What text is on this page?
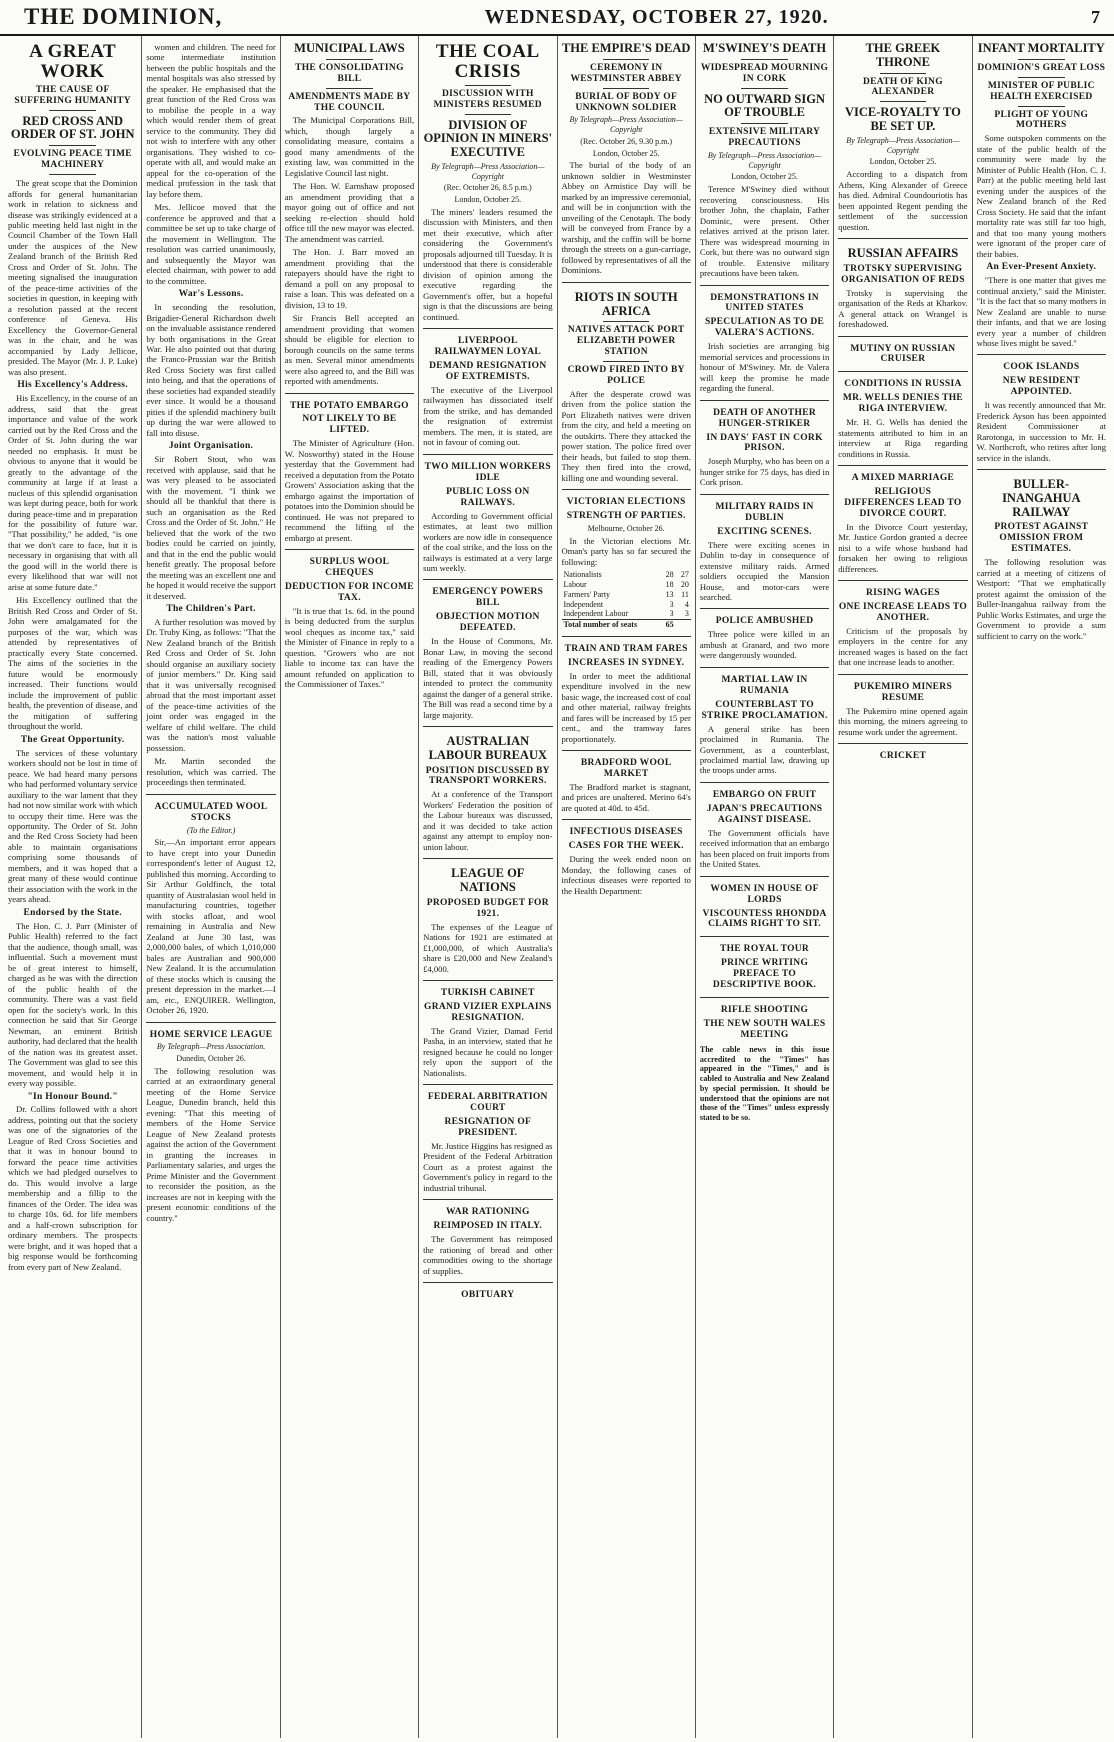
THE DOMINION,	WEDNESDAY, OCTOBER 27, 1920.	7
A GREAT WORK
THE CAUSE OF SUFFERING HUMANITY
RED CROSS AND ORDER OF ST. JOHN
EVOLVING PEACE TIME MACHINERY

The great scope that the Dominion affords for general humanitarian work in relation to sickness and disease was strikingly evidenced at a public meeting held last night in the Council Chamber of the Town Hall under the auspices of the New Zealand branch of the British Red Cross and Order of St. John. The meeting signalised the inauguration of the peace-time activities of the societies in question, in keeping with a resolution passed at the recent conference of Geneva. His Excellency the Governor-General was in the chair, and he was accompanied by Lady Jellicoe, presided. The Mayor (Mr. J. P. Luke) was also present.

His Excellency's Address.

His Excellency, in the course of an address, said that the great importance and value of the work carried out by the Red Cross and the Order of St. John during the war needed no emphasis. It must be obvious to anyone that it would be greatly to the advantage of the community at large if at least a nucleus of this splendid organisation was kept during peace, both for work during peace-time and in preparation for the possibility of future war. "That possibility," he added, "is one that we don't care to face, but it is necessary in organising that with all the good will in the world there is every likelihood that war will not arise at some future date."

His Excellency outlined that the British Red Cross and Order of St. John were amalgamated for the purposes of the war, which was attended by representatives of practically every State concerned. The aims of the societies in the future would be enormously increased. Their functions would include the improvement of public health, the prevention of disease, and the mitigation of suffering throughout the world.

The Great Opportunity.

The services of these voluntary workers should not be lost in time of peace. We had heard many persons who had performed voluntary service auxiliary to the war lament that they had not now similar work with which to occupy their time. Here was the opportunity. The Order of St. John and the Red Cross Society had been able to maintain organisations comprising some thousands of members, and it was hoped that a great many of these would continue their association with the work in the years ahead.

Endorsed by the State.

The Hon. C. J. Parr (Minister of Public Health) referred to the fact that the audience, though small, was influential. Such a movement must be of great interest to himself, charged as he was with the direction of the public health of the community. There was a vast field open for the society's work. In this connection he said that Sir George Newman, an eminent British authority, had declared that the health of the nation was its greatest asset. The Government was glad to see this movement, and would help it in every way possible.

"In Honour Bound."

Dr. Collins followed with a short address, pointing out that the society was one of the signatories of the League of Red Cross Societies and that it was in honour bound to forward the peace time activities which we had pledged ourselves to do. This would involve a large membership and a fillip to the finances of the Order. The idea was to charge 10s. 6d. for life members and a half-crown subscription for ordinary members. The prospects were bright, and it was hoped that a big response would be forthcoming from every part of New Zealand.

women and children. The need for some intermediate institution between the public hospitals and the mental hospitals was also stressed by the speaker. He emphasised that the great function of the Red Cross was to mobilise the people in a way which would render them of great service to the community. They did not wish to interfere with any other organisations. They wished to co-operate with all, and would make an appeal for the co-operation of the medical profession in the task that lay before them.

Mrs. Jellicoe moved that the conference be approved and that a committee be set up to take charge of the movement in Wellington. The resolution was carried unanimously, and subsequently the Mayor was elected chairman, with power to add to the committee.

War's Lessons.

In seconding the resolution, Brigadier-General Richardson dwelt on the invaluable assistance rendered by both organisations in the Great War. He also pointed out that during the Franco-Prussian war the British Red Cross Society was first called into being, and that the operations of these societies had expanded steadily ever since. It would be a thousand pities if the splendid machinery built up during the war were allowed to fall into disuse.

Joint Organisation.

Sir Robert Stout, who was received with applause, said that he was very pleased to be associated with the movement. "I think we should all be thankful that there is such an organisation as the Red Cross and the Order of St. John." He believed that the work of the two bodies could be carried on jointly, and that in the end the public would benefit greatly. The proposal before the meeting was an excellent one and he hoped it would receive the support it deserved.

The Children's Part.

A further resolution was moved by Dr. Truby King, as follows: "That the New Zealand branch of the British Red Cross and Order of St. John should organise an auxiliary society of junior members." Dr. King said that it was universally recognised abroad that the most important asset of the peace-time activities of the joint order was engaged in the welfare of child welfare. The child was the nation's most valuable possession.

Mr. Martin seconded the resolution, which was carried. The proceedings then terminated.

ACCUMULATED WOOL STOCKS
(To the Editor.)

Sir,—An important error appears to have crept into your Dunedin correspondent's letter of August 12, published this morning. According to Sir Arthur Goldfinch, the total quantity of Australasian wool held in manufacturing countries, together with stocks afloat, and wool remaining in Australia and New Zealand at June 30 last, was 2,000,000 bales, of which 1,010,000 bales are Australian and 900,000 New Zealand. It is the accumulation of these stocks which is causing the present depression in the market.—I am, etc., ENQUIRER. Wellington, October 26, 1920.

HOME SERVICE LEAGUE
By Telegraph—Press Association.
Dunedin, October 26.

The following resolution was carried at an extraordinary general meeting of the Home Service League, Dunedin branch, held this evening: "That this meeting of members of the Home Service League of New Zealand protests against the action of the Government in granting the increases in Parliamentary salaries, and urges the Prime Minister and the Government to reconsider the position, as the increases are not in keeping with the present economic conditions of the country."

MUNICIPAL LAWS
THE CONSOLIDATING BILL
AMENDMENTS MADE BY THE COUNCIL

The Municipal Corporations Bill, which, though largely a consolidating measure, contains a good many amendments of the existing law, was committed in the Legislative Council last night.

The Hon. W. Earnshaw proposed an amendment providing that a mayor going out of office and not seeking re-election should hold office till the new mayor was elected. The amendment was carried.

The Hon. J. Barr moved an amendment providing that the ratepayers should have the right to demand a poll on any proposal to raise a loan. This was defeated on a division, 13 to 19.

Sir Francis Bell accepted an amendment providing that women should be eligible for election to borough councils on the same terms as men. Several minor amendments were also agreed to, and the Bill was reported with amendments.

THE POTATO EMBARGO
NOT LIKELY TO BE LIFTED.

The Minister of Agriculture (Hon. W. Nosworthy) stated in the House yesterday that the Government had received a deputation from the Potato Growers' Association asking that the embargo against the importation of potatoes into the Dominion should be continued. He was not prepared to recommend the lifting of the embargo at present.

SURPLUS WOOL CHEQUES
DEDUCTION FOR INCOME TAX.

"It is true that 1s. 6d. in the pound is being deducted from the surplus wool cheques as income tax," said the Minister of Finance in reply to a question. "Growers who are not liable to income tax can have the amount refunded on application to the Commissioner of Taxes."

THE COAL CRISIS
DISCUSSION WITH MINISTERS RESUMED
DIVISION OF OPINION IN MINERS' EXECUTIVE
By Telegraph—Press Association—Copyright
(Rec. October 26, 8.5 p.m.)
London, October 25.

The miners' leaders resumed the discussion with Ministers, and then met their executive, which after considering the Government's proposals adjourned till Tuesday. It is understood that there is considerable division of opinion among the executive regarding the Government's offer, but a hopeful sign is that the discussions are being continued.

LIVERPOOL RAILWAYMEN LOYAL
DEMAND RESIGNATION OF EXTREMISTS.

The executive of the Liverpool railwaymen has dissociated itself from the strike, and has demanded the resignation of extremist members. The men, it is stated, are not in favour of coming out.

TWO MILLION WORKERS IDLE
PUBLIC LOSS ON RAILWAYS.

According to Government official estimates, at least two million workers are now idle in consequence of the coal strike, and the loss on the railways is estimated at a very large sum weekly.

EMERGENCY POWERS BILL
OBJECTION MOTION DEFEATED.

In the House of Commons, Mr. Bonar Law, in moving the second reading of the Emergency Powers Bill, stated that it was obviously intended to protect the community against the danger of a general strike. The Bill was read a second time by a large majority.

AUSTRALIAN LABOUR BUREAUX
POSITION DISCUSSED BY TRANSPORT WORKERS.

At a conference of the Transport Workers' Federation the position of the Labour bureaux was discussed, and it was decided to take action against any attempt to employ non-union labour.

LEAGUE OF NATIONS
PROPOSED BUDGET FOR 1921.

The expenses of the League of Nations for 1921 are estimated at £1,000,000, of which Australia's share is £20,000 and New Zealand's £4,000.

TURKISH CABINET
GRAND VIZIER EXPLAINS RESIGNATION.

The Grand Vizier, Damad Ferid Pasha, in an interview, stated that he resigned because he could no longer rely upon the support of the Nationalists.

FEDERAL ARBITRATION COURT
RESIGNATION OF PRESIDENT.

Mr. Justice Higgins has resigned as President of the Federal Arbitration Court as a protest against the Government's policy in regard to the industrial tribunal.

WAR RATIONING
REIMPOSED IN ITALY.

The Government has reimposed the rationing of bread and other commodities owing to the shortage of supplies.

OBITUARY
THE EMPIRE'S DEAD
CEREMONY IN WESTMINSTER ABBEY
BURIAL OF BODY OF UNKNOWN SOLDIER
By Telegraph—Press Association—Copyright
(Rec. October 26, 9.30 p.m.)
London, October 25.

The burial of the body of an unknown soldier in Westminster Abbey on Armistice Day will be marked by an impressive ceremonial, and will be in conjunction with the unveiling of the Cenotaph. The body will be conveyed from France by a warship, and the coffin will be borne through the streets on a gun-carriage, followed by representatives of all the Dominions.

RIOTS IN SOUTH AFRICA
NATIVES ATTACK PORT ELIZABETH POWER STATION
CROWD FIRED INTO BY POLICE

After the desperate crowd was driven from the police station the Port Elizabeth natives were driven from the city, and held a meeting on the outskirts. There they attacked the power station. The police fired over their heads, but failed to stop them. They then fired into the crowd, killing one and wounding several.

VICTORIAN ELECTIONS
STRENGTH OF PARTIES.
Melbourne, October 26.

In the Victorian elections Mr. Oman's party has so far secured the following:

Nationalists	28	27
Labour	18	20
Farmers' Party	13	11
Independent	3	4
Independent Labour	3	3
Total number of seats	65	
TRAIN AND TRAM FARES
INCREASES IN SYDNEY.

In order to meet the additional expenditure involved in the new basic wage, the increased cost of coal and other material, railway freights and fares will be increased by 15 per cent., and the tramway fares proportionately.

BRADFORD WOOL MARKET

The Bradford market is stagnant, and prices are unaltered. Merino 64's are quoted at 40d. to 45d.

INFECTIOUS DISEASES
CASES FOR THE WEEK.

During the week ended noon on Monday, the following cases of infectious diseases were reported to the Health Department:

M'SWINEY'S DEATH
WIDESPREAD MOURNING IN CORK
NO OUTWARD SIGN OF TROUBLE
EXTENSIVE MILITARY PRECAUTIONS
By Telegraph—Press Association—Copyright
London, October 25.

Terence M'Swiney died without recovering consciousness. His brother John, the chaplain, Father Dominic, were present. Other relatives arrived at the prison later. There was widespread mourning in Cork, but there was no outward sign of trouble. Extensive military precautions have been taken.

DEMONSTRATIONS IN UNITED STATES
SPECULATION AS TO DE VALERA'S ACTIONS.

Irish societies are arranging big memorial services and processions in honour of M'Swiney. Mr. de Valera will keep the promise he made regarding the funeral.

DEATH OF ANOTHER HUNGER-STRIKER
IN DAYS' FAST IN CORK PRISON.

Joseph Murphy, who has been on a hunger strike for 75 days, has died in Cork prison.

MILITARY RAIDS IN DUBLIN
EXCITING SCENES.

There were exciting scenes in Dublin to-day in consequence of extensive military raids. Armed soldiers occupied the Mansion House, and motor-cars were searched.

POLICE AMBUSHED

Three police were killed in an ambush at Granard, and two more were dangerously wounded.

MARTIAL LAW IN RUMANIA
COUNTERBLAST TO STRIKE PROCLAMATION.

A general strike has been proclaimed in Rumania. The Government, as a counterblast, proclaimed martial law, drawing up the troops under arms.

EMBARGO ON FRUIT
JAPAN'S PRECAUTIONS AGAINST DISEASE.

The Government officials have received information that an embargo has been placed on fruit imports from the United States.

WOMEN IN HOUSE OF LORDS
VISCOUNTESS RHONDDA CLAIMS RIGHT TO SIT.
THE ROYAL TOUR
PRINCE WRITING PREFACE TO DESCRIPTIVE BOOK.
RIFLE SHOOTING
THE NEW SOUTH WALES MEETING
The cable news in this issue accredited to the "Times" has appeared in the "Times," and is cabled to Australia and New Zealand by special permission. It should be understood that the opinions are not those of the "Times" unless expressly stated to be so.
THE GREEK THRONE
DEATH OF KING ALEXANDER
VICE-ROYALTY TO BE SET UP.
By Telegraph—Press Association—Copyright
London, October 25.

According to a dispatch from Athens, King Alexander of Greece has died. Admiral Coundouriotis has been appointed Regent pending the settlement of the succession question.

RUSSIAN AFFAIRS
TROTSKY SUPERVISING ORGANISATION OF REDS

Trotsky is supervising the organisation of the Reds at Kharkov. A general attack on Wrangel is foreshadowed.

MUTINY ON RUSSIAN CRUISER
CONDITIONS IN RUSSIA
MR. WELLS DENIES THE RIGA INTERVIEW.

Mr. H. G. Wells has denied the statements attributed to him in an interview at Riga regarding conditions in Russia.

A MIXED MARRIAGE
RELIGIOUS DIFFERENCES LEAD TO DIVORCE COURT.

In the Divorce Court yesterday, Mr. Justice Gordon granted a decree nisi to a wife whose husband had forsaken her owing to religious differences.

RISING WAGES
ONE INCREASE LEADS TO ANOTHER.

Criticism of the proposals by employers in the centre for any increased wages is based on the fact that one increase leads to another.

PUKEMIRO MINERS RESUME

The Pukemiro mine opened again this morning, the miners agreeing to resume work under the agreement.

CRICKET
INFANT MORTALITY
DOMINION'S GREAT LOSS
MINISTER OF PUBLIC HEALTH EXERCISED
PLIGHT OF YOUNG MOTHERS

Some outspoken comments on the state of the public health of the community were made by the Minister of Public Health (Hon. C. J. Parr) at the public meeting held last evening under the auspices of the New Zealand branch of the Red Cross Society. He said that the infant mortality rate was still far too high, and that too many young mothers were ignorant of the proper care of their babies.

An Ever-Present Anxiety.

"There is one matter that gives me continual anxiety," said the Minister. "It is the fact that so many mothers in New Zealand are unable to nurse their infants, and that we are losing every year a number of children whose lives might be saved."

COOK ISLANDS
NEW RESIDENT APPOINTED.

It was recently announced that Mr. Frederick Ayson has been appointed Resident Commissioner at Rarotonga, in succession to Mr. H. W. Northcroft, who retires after long service in the islands.

BULLER-INANGAHUA RAILWAY
PROTEST AGAINST OMISSION FROM ESTIMATES.

The following resolution was carried at a meeting of citizens of Westport: "That we emphatically protest against the omission of the Buller-Inangahua railway from the Public Works Estimates, and urge the Government to provide a sum sufficient to carry on the work."
